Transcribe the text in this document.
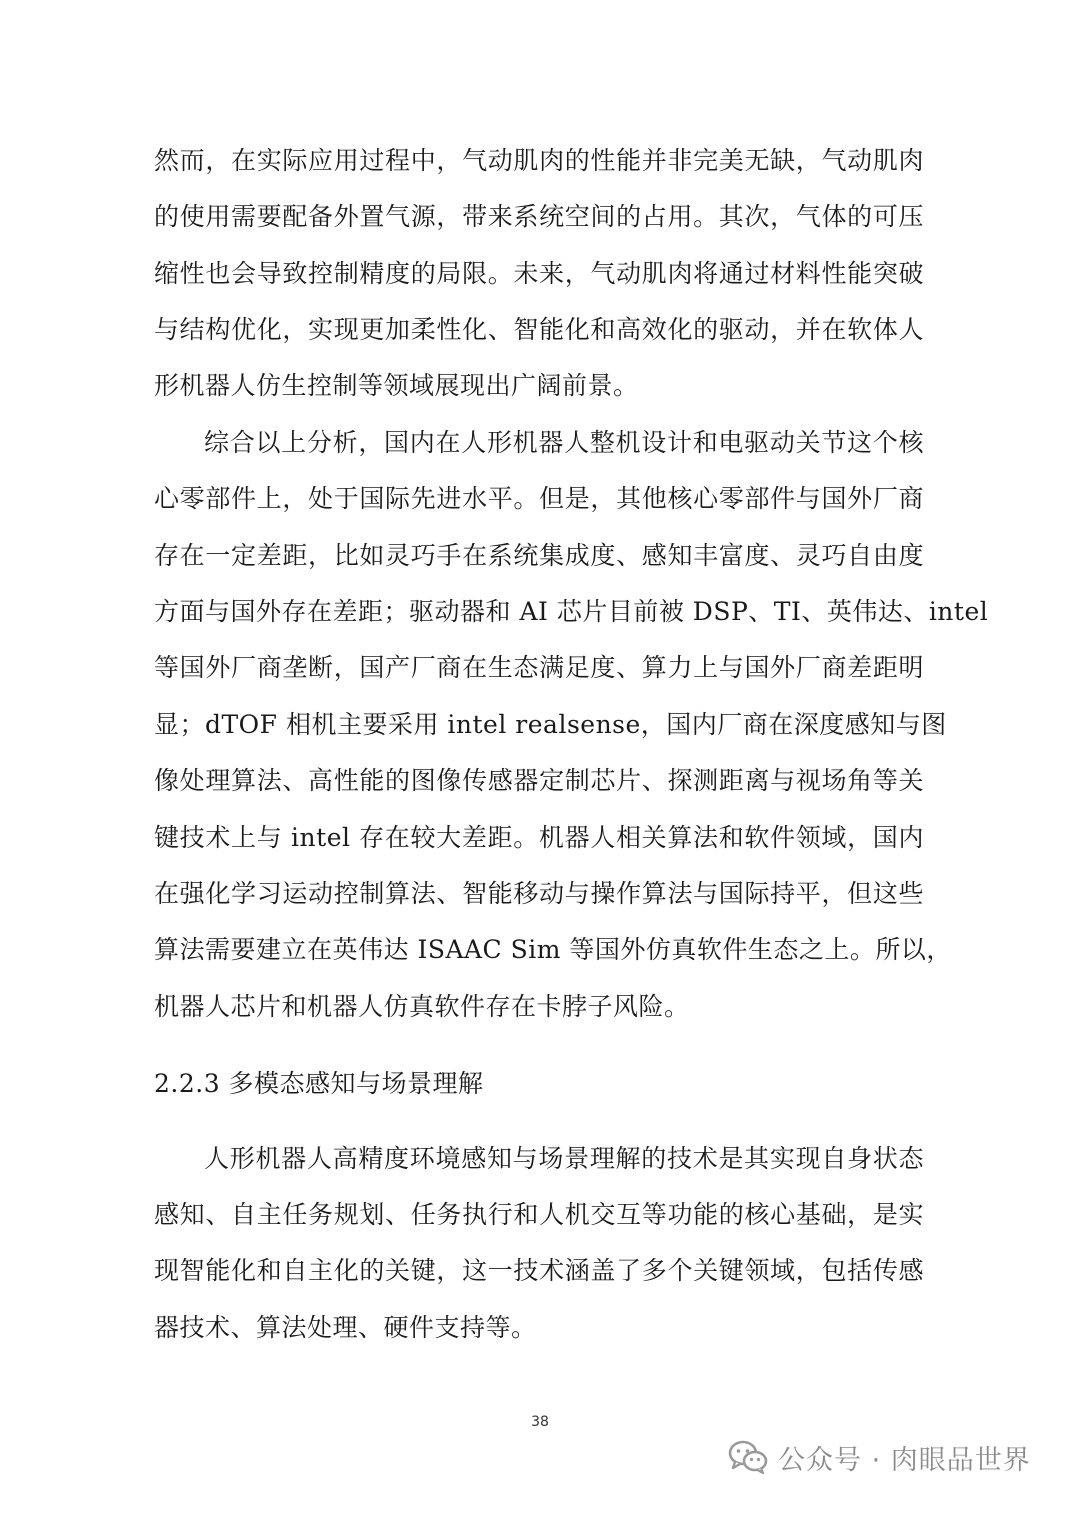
然而，在实际应用过程中，气动肌肉的性能并非完美无缺，气动肌肉
的使用需要配备外置气源，带来系统空间的占用。其次，气体的可压
缩性也会导致控制精度的局限。未来，气动肌肉将通过材料性能突破
与结构优化，实现更加柔性化、智能化和高效化的驱动，并在软体人
形机器人仿生控制等领域展现出广阔前景。
综合以上分析，国内在人形机器人整机设计和电驱动关节这个核
心零部件上，处于国际先进水平。但是，其他核心零部件与国外厂商
存在一定差距，比如灵巧手在系统集成度、感知丰富度、灵巧自由度
方面与国外存在差距；驱动器和 AI 芯片目前被 DSP、TI、英伟达、intel
等国外厂商垄断，国产厂商在生态满足度、算力上与国外厂商差距明
显；dTOF 相机主要采用 intel realsense，国内厂商在深度感知与图
像处理算法、高性能的图像传感器定制芯片、探测距离与视场角等关
键技术上与 intel 存在较大差距。机器人相关算法和软件领域，国内
在强化学习运动控制算法、智能移动与操作算法与国际持平，但这些
算法需要建立在英伟达 ISAAC Sim 等国外仿真软件生态之上。所以，
机器人芯片和机器人仿真软件存在卡脖子风险。
2.2.3 多模态感知与场景理解
人形机器人高精度环境感知与场景理解的技术是其实现自身状态
感知、自主任务规划、任务执行和人机交互等功能的核心基础，是实
现智能化和自主化的关键，这一技术涵盖了多个关键领域，包括传感
器技术、算法处理、硬件支持等。
38
公众号 · 肉眼品世界
